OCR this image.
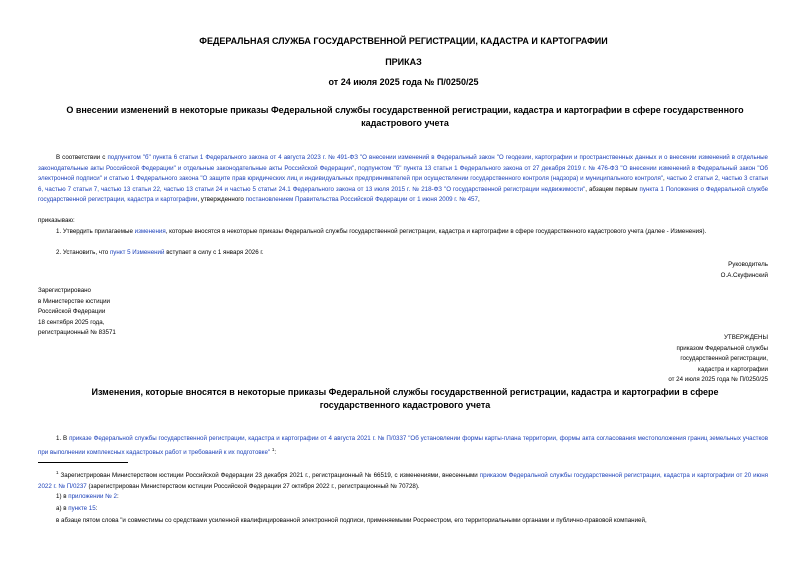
ФЕДЕРАЛЬНАЯ СЛУЖБА ГОСУДАРСТВЕННОЙ РЕГИСТРАЦИИ, КАДАСТРА И КАРТОГРАФИИ
ПРИКАЗ
от 24 июля 2025 года № П/0250/25
О внесении изменений в некоторые приказы Федеральной службы государственной регистрации, кадастра и картографии в сфере государственного кадастрового учета
В соответствии с подпунктом "б" пункта 6 статьи 1 Федерального закона от 4 августа 2023 г. № 491-ФЗ "О внесении изменений в Федеральный закон "О геодезии, картографии и пространственных данных и о внесении изменений в отдельные законодательные акты Российской Федерации" и отдельные законодательные акты Российской Федерации", подпунктом "б" пункта 13 статьи 1 Федерального закона от 27 декабря 2019 г. № 476-ФЗ "О внесении изменений в Федеральный закон "Об электронной подписи" и статью 1 Федерального закона "О защите прав юридических лиц и индивидуальных предпринимателей при осуществлении государственного контроля (надзора) и муниципального контроля", частью 2 статьи 2, частью 3 статьи 6, частью 7 статьи 7, частью 13 статьи 22, частью 13 статьи 24 и частью 5 статьи 24.1 Федерального закона от 13 июля 2015 г. № 218-ФЗ "О государственной регистрации недвижимости", абзацем первым пункта 1 Положения о Федеральной службе государственной регистрации, кадастра и картографии, утвержденного постановлением Правительства Российской Федерации от 1 июня 2009 г. № 457,
приказываю:
1. Утвердить прилагаемые изменения, которые вносятся в некоторые приказы Федеральной службы государственной регистрации, кадастра и картографии в сфере государственного кадастрового учета (далее - Изменения).
2. Установить, что пункт 5 Изменений вступает в силу с 1 января 2026 г.
Руководитель
О.А.Скуфинский
Зарегистрировано
в Министерстве юстиции
Российской Федерации
18 сентября 2025 года,
регистрационный № 83571
УТВЕРЖДЕНЫ
приказом Федеральной службы
государственной регистрации,
кадастра и картографии
от 24 июля 2025 года № П/0250/25
Изменения, которые вносятся в некоторые приказы Федеральной службы государственной регистрации, кадастра и картографии в сфере государственного кадастрового учета
1. В приказе Федеральной службы государственной регистрации, кадастра и картографии от 4 августа 2021 г. № П/0337 "Об установлении формы карты-плана территории, формы акта согласования местоположения границ земельных участков при выполнении комплексных кадастровых работ и требований к их подготовке" $^1$:
$^1$ Зарегистрирован Министерством юстиции Российской Федерации 23 декабря 2021 г., регистрационный № 66519, с изменениями, внесенными приказом Федеральной службы государственной регистрации, кадастра и картографии от 20 июня 2022 г. № П/0237 (зарегистрирован Министерством юстиции Российской Федерации 27 октября 2022 г., регистрационный № 70728).
1) в приложении № 2:
а) в пункте 15:
в абзаце пятом слова "и совместимы со средствами усиленной квалифицированной электронной подписи, применяемыми Росреестром, его территориальными органами и публично-правовой компанией,
